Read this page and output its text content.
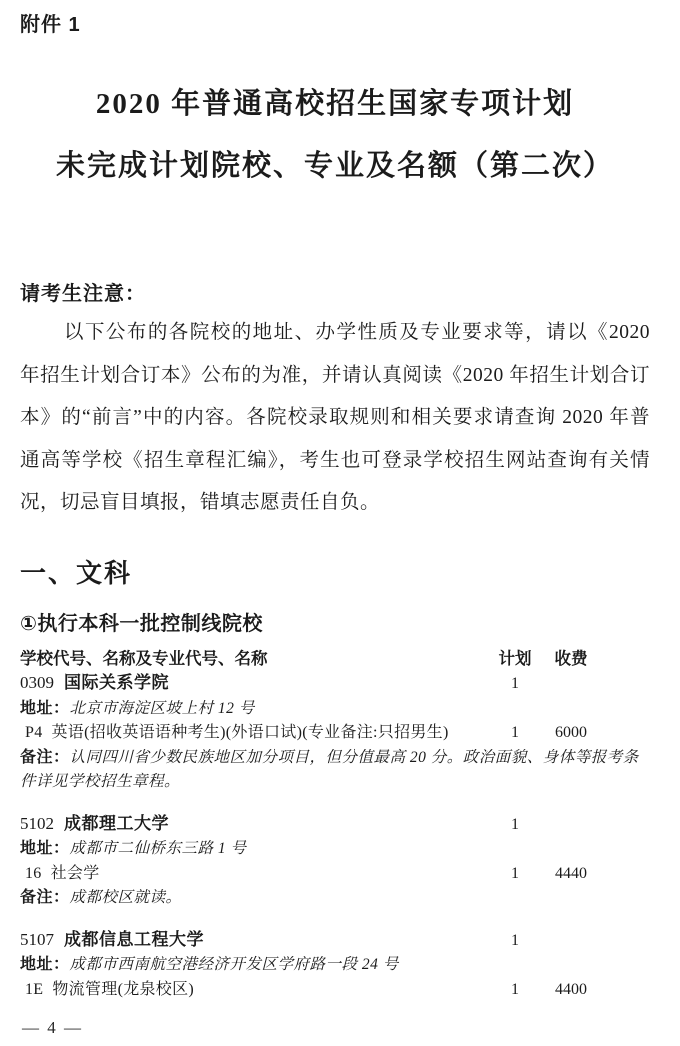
附件 1
2020 年普通高校招生国家专项计划
未完成计划院校、专业及名额（第二次）
请考生注意：
以下公布的各院校的地址、办学性质及专业要求等，请以《2020 年招生计划合订本》公布的为准，并请认真阅读《2020 年招生计划合订本》的“前言”中的内容。各院校录取规则和相关要求请查询 2020 年普通高等学校《招生章程汇编》，考生也可登录学校招生网站查询有关情况，切忌盲目填报，错填志愿责任自负。
一、文科
①执行本科一批控制线院校
学校代号、名称及专业代号、名称	计划	收费
0309 国际关系学院	1
地址：北京市海淀区坡上村 12 号
P4 英语(招收英语语种考生)(外语口试)(专业备注:只招男生)	1	6000
备注：认同四川省少数民族地区加分项目，但分值最高 20 分。政治面貌、身体等报考条件详见学校招生章程。
5102 成都理工大学	1
地址：成都市二仙桥东三路 1 号
16 社会学	1	4440
备注：成都校区就读。
5107 成都信息工程大学	1
地址：成都市西南航空港经济开发区学府路一段 24 号
1E 物流管理(龙泉校区)	1	4400
— 4 —
